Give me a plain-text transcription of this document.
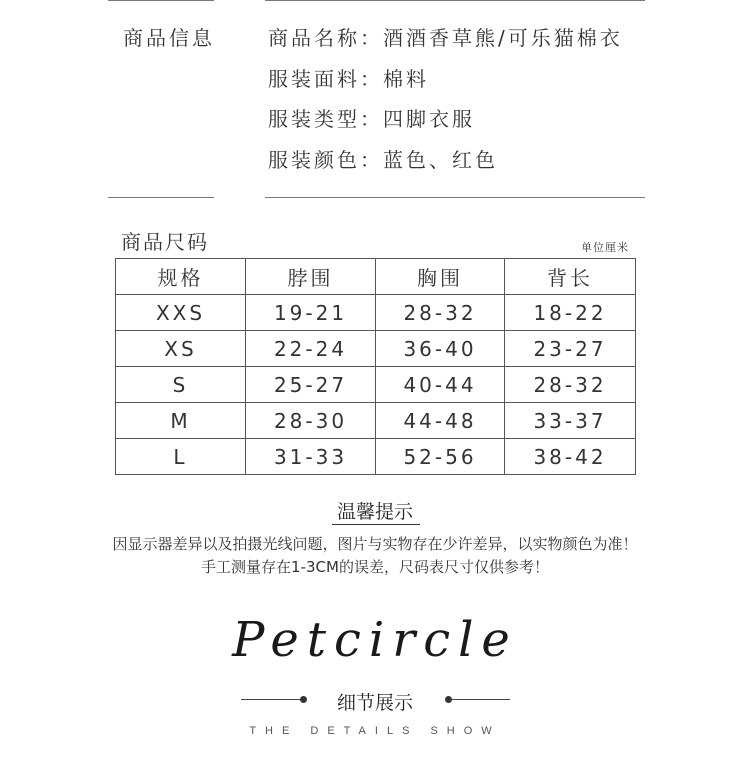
商品信息	商品名称：酒酒香草熊/可乐猫棉衣
服装面料：棉料
服装类型：四脚衣服
服装颜色：蓝色、红色
商品尺码	单位厘米
规格	脖围	胸围	背长
XXS	19-21	28-32	18-22
XS	22-24	36-40	23-27
S	25-27	40-44	28-32
M	28-30	44-48	33-37
L	31-33	52-56	38-42
温馨提示
因显示器差异以及拍摄光线问题，图片与实物存在少许差异，以实物颜色为准！
手工测量存在1-3CM的误差，尺码表尺寸仅供参考！
Petcircle
细节展示
THE DETAILS SHOW
